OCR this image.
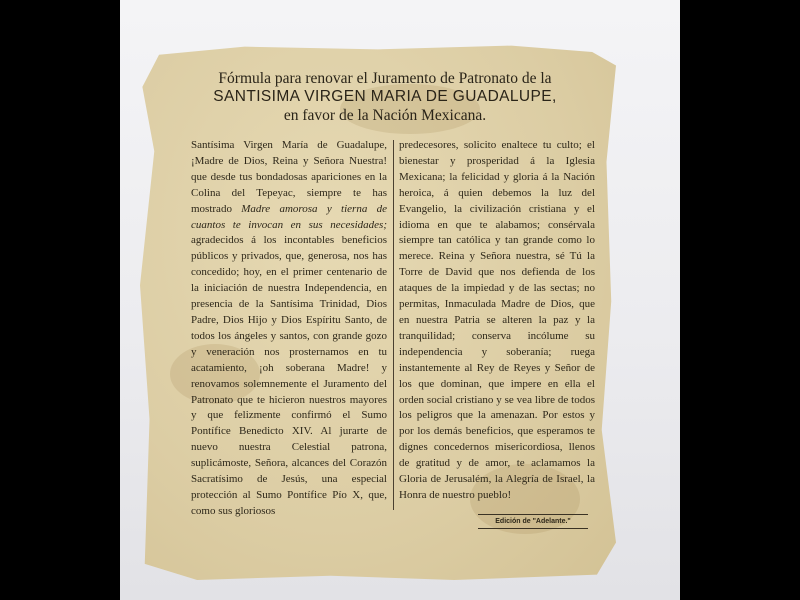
Fórmula para renovar el Juramento de Patronato de la
SANTISIMA VIRGEN MARIA DE GUADALUPE,
en favor de la Nación Mexicana.
Santísima Virgen María de Guadalupe, ¡Madre de Dios, Reina y Señora Nuestra! que desde tus bondadosas apariciones en la Colina del Tepeyac, siempre te has mostrado Madre amorosa y tierna de cuantos te invocan en sus necesidades; agradecidos á los incontables beneficios públicos y privados, que, generosa, nos has concedido; hoy, en el primer centenario de la iniciación de nuestra Independencia, en presencia de la Santísima Trinidad, Dios Padre, Dios Hijo y Dios Espíritu Santo, de todos los ángeles y santos, con grande gozo y veneración nos prosternamos en tu acatamiento, ¡oh soberana Madre! y renovamos solemnemente el Juramento del Patronato que te hicieron nuestros mayores y que felizmente confirmó el Sumo Pontífice Benedicto XIV. Al jurarte de nuevo nuestra Celestial patrona, suplicámoste, Señora, alcances del Corazón Sacratísimo de Jesús, una especial protección al Sumo Pontífice Pío X, que, como sus gloriosos
predecesores, solicito enaltece tu culto; el bienestar y prosperidad á la Iglesia Mexicana; la felicidad y gloria á la Nación heroica, á quien debemos la luz del Evangelio, la civilización cristiana y el idioma en que te alabamos; consérvala siempre tan católica y tan grande como lo merece. Reina y Señora nuestra, sé Tú la Torre de David que nos defienda de los ataques de la impiedad y de las sectas; no permitas, Inmaculada Madre de Dios, que en nuestra Patria se alteren la paz y la tranquilidad; conserva incólume su independencia y soberanía; ruega instantemente al Rey de Reyes y Señor de los que dominan, que impere en ella el orden social cristiano y se vea libre de todos los peligros que la amenazan. Por estos y por los demás beneficios, que esperamos te dignes concedernos misericordiosa, llenos de gratitud y de amor, te aclamamos la Gloria de Jerusalém, la Alegría de Israel, la Honra de nuestro pueblo!
Edición de "Adelante."
